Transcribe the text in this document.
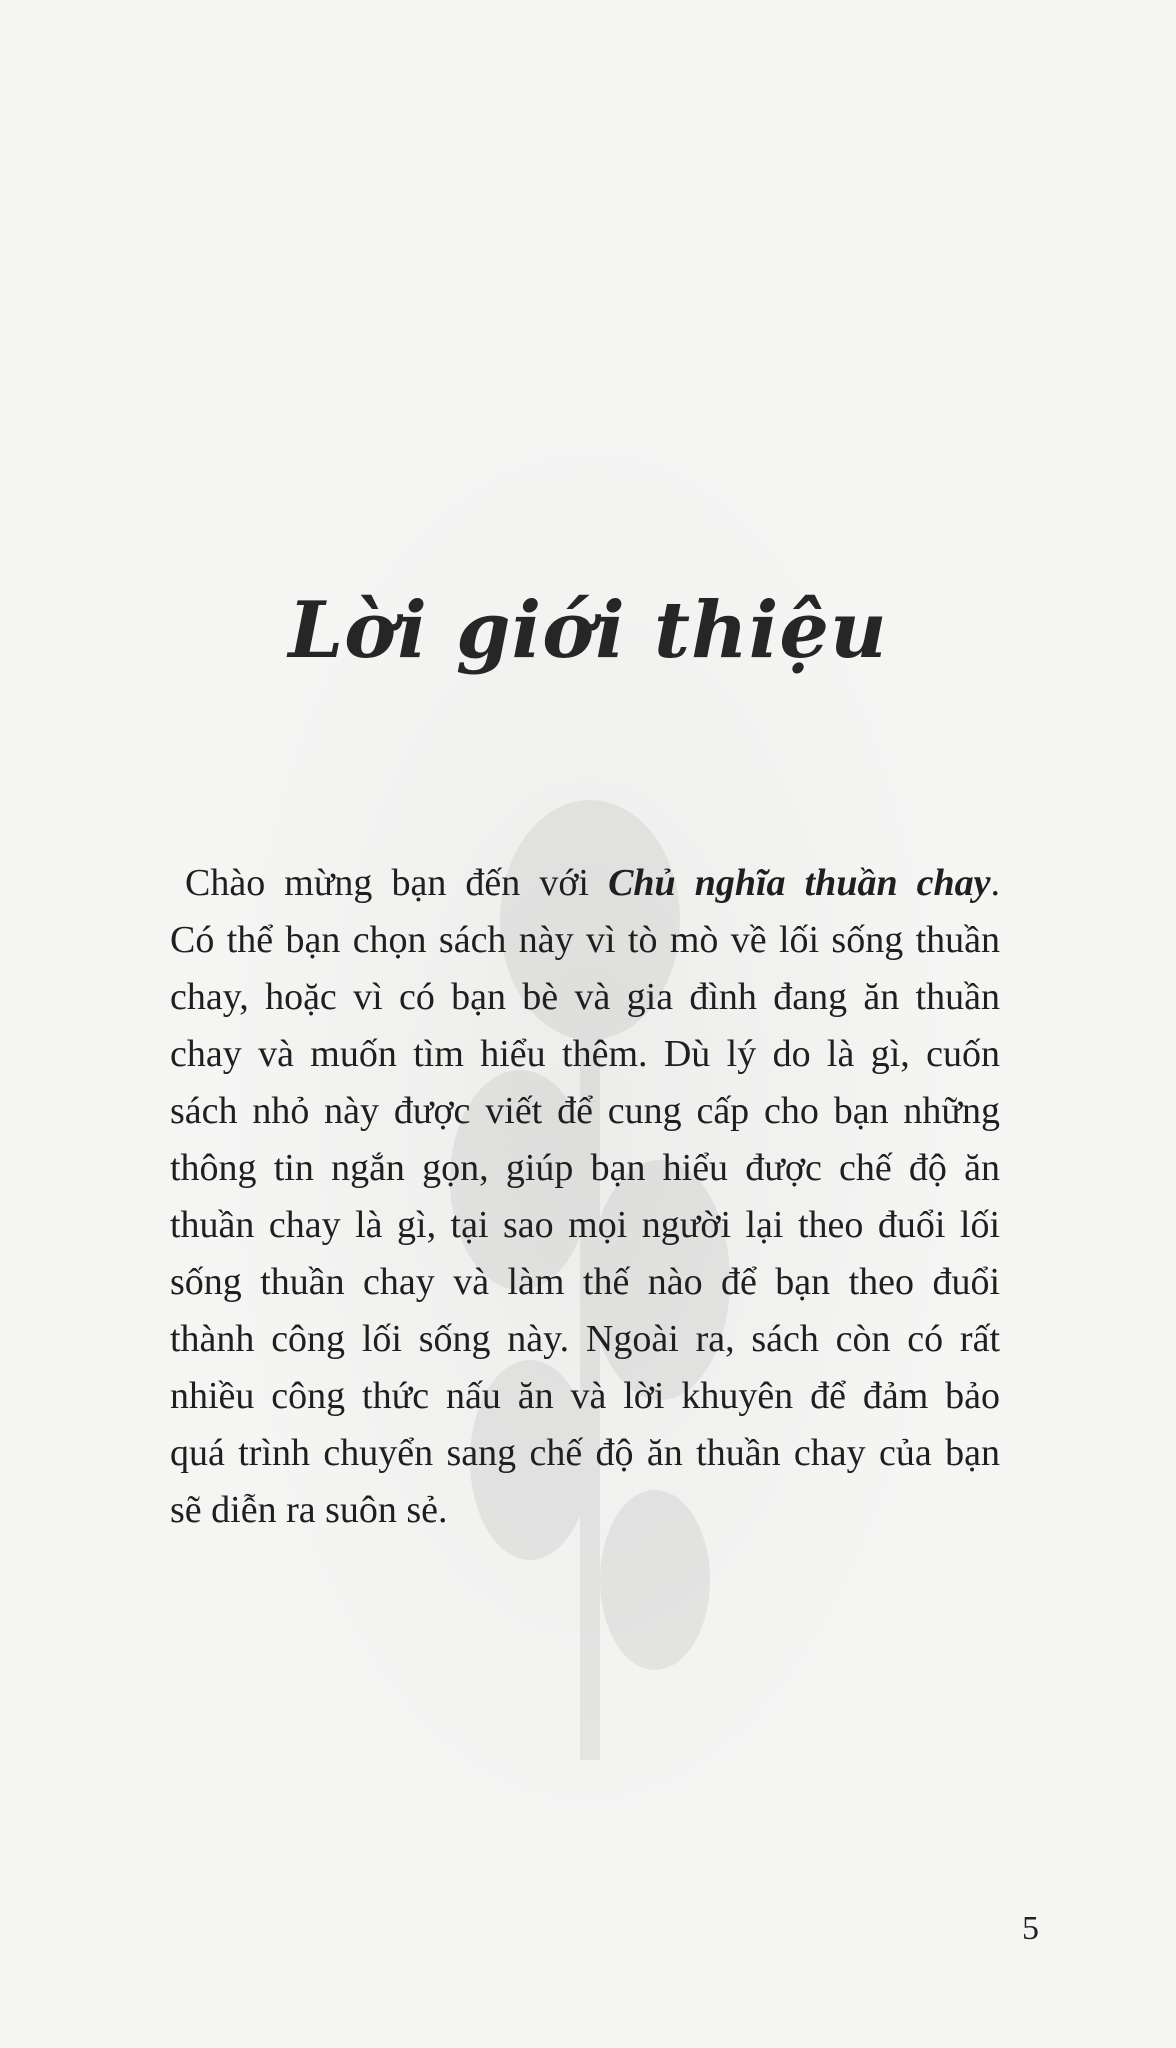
Lời giới thiệu
Chào mừng bạn đến với Chủ nghĩa thuần chay.
Có thể bạn chọn sách này vì tò mò về lối sống thuần
chay, hoặc vì có bạn bè và gia đình đang ăn thuần
chay và muốn tìm hiểu thêm. Dù lý do là gì, cuốn
sách nhỏ này được viết để cung cấp cho bạn những
thông tin ngắn gọn, giúp bạn hiểu được chế độ ăn
thuần chay là gì, tại sao mọi người lại theo đuổi lối
sống thuần chay và làm thế nào để bạn theo đuổi
thành công lối sống này. Ngoài ra, sách còn có rất
nhiều công thức nấu ăn và lời khuyên để đảm bảo
quá trình chuyển sang chế độ ăn thuần chay của bạn
sẽ diễn ra suôn sẻ.
5
